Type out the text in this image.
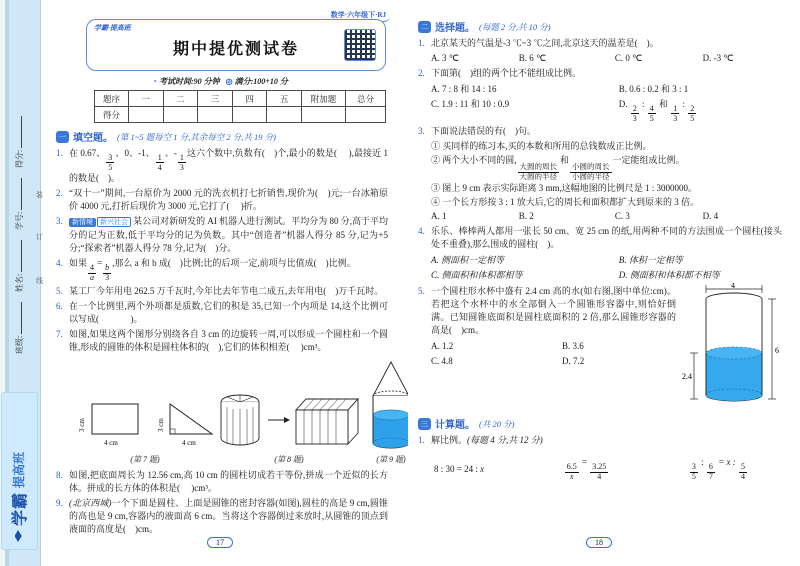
得分:
学号:
姓名:
班级:
学霸
提高班
装
订
线
数学·六年级下·RJ
学霸·提高班
期中提优测试卷
◔ 考试时间:90 分钟 ◎ 满分:100+10 分
题序	一	二	三	四	五	附加题	总分
得分							
一 填空题。 (第 1~5 题每空 1 分,其余每空 2 分,共 19 分)
1. 在 0.67、
$\frac{3}{5}$
、0、-1、
$\frac{1}{4}$
、-
$\frac{1}{3}$
这六个数中,负数有(    )个,最小的数是(     ),最接近 1 的数是(    )。
2. “双十一”期间,一台原价为 2000 元的洗衣机打七折销售,现价为(    )元;一台冰箱原价 4000 元,打折后现价为 3000 元,它打了(     )折。
3.	新情境 新兴社会 某公司对新研发的 AI 机器人进行测试。平均分为 80 分,高于平均分的记为正数,低于平均分的记为负数。其中“创造者”机器人得分 85 分,记为+5 分;“探索者”机器人得分 78 分,记为(    )分。
4. 如果
$\frac{4}{a}$
=
$\frac{b}{3}$
,那么 a 和 b 成(    )比例;比的后项一定,前项与比值成(    )比例。
5. 某工厂今年用电 262.5 万千瓦时,今年比去年节电二成五,去年用电(    )万千瓦时。
6. 在一个比例里,两个外项都是质数,它们的积是 35,已知一个内项是 14,这个比例可以写成(              )。
7. 如图,如果这两个图形分别绕各自 3 cm 的边旋转一周,可以形成一个圆柱和一个圆锥,形成的圆锥的体积是圆柱体积的(    ),它们的体积相差(     )cm³。
3 cm
4 cm
3 cm
4 cm
(第 7 题)	(第 8 题)	(第 9 题)
8. 如图,把底面周长为 12.56 cm,高 10 cm 的圆柱切成若干等份,拼成一个近似的长方体。拼成的长方体的体积是(     )cm³。
9. (北京西城)一个下面是圆柱、上面是圆锥的密封容器(如图),圆柱的高是 9 cm,圆锥的高也是 9 cm,容器内的液面高 6 cm。当将这个容器倒过来放时,从圆锥的顶点到液面的高度是(    )cm。
17
二 选择题。 (每题 2 分,共 10 分)
1. 北京某天的气温是-3 ℃~3 ℃之间,北京这天的温差是(    )。
A. 3 ℃	B. 6 ℃	C. 0 ℃	D. -3 ℃
2. 下面第(    )组的两个比不能组成比例。
A. 7 : 8 和 14 : 16	B. 0.6 : 0.2 和 3 : 1
C. 1.9 : 11 和 10 : 0.9	D.
$\frac{2}{3}$
:
$\frac{4}{5}$
和
$\frac{1}{3}$
:
$\frac{2}{5}$
3. 下面说法错误的有(    )句。
① 买同样的练习本,买的本数和所用的总钱数成正比例。
② 两个大小不同的圆,
$\frac{\text{大圆的周长}}{\text{大圆的半径}}$
和
$\frac{\text{小圆的周长}}{\text{小圆的半径}}$
一定能组成比例。
③ 图上 9 cm 表示实际距离 3 mm,这幅地图的比例尺是 1 : 3000000。
④ 一个长方形按 3 : 1 放大后,它的周长和面积都扩大到原来的 3 倍。
A. 1	B. 2	C. 3	D. 4
4. 乐乐、棒棒两人都用一张长 50 cm、宽 25 cm 的纸,用两种不同的方法围成一个圆柱(接头处不重叠),那么围成的圆柱(    )。
A. 侧面积一定相等	B. 体积一定相等
C. 侧面积和体积都相等	D. 侧面积和体积都不相等
4
6
2.4
5. 一个圆柱形水杯中盛有 2.4 cm 高的水(如右图,图中单位:cm)。若把这个水杯中的水全部倒入一个圆锥形容器中,则恰好倒满。已知圆锥底面积是圆柱底面积的 2 倍,那么圆锥形容器的高是(    )cm。
A. 1.2	B. 3.6
C. 4.8	D. 7.2
三 计算题。 (共 20 分)
1. 解比例。(每题 4 分,共 12 分)
8 : 30 = 24 : x	$\frac{6.5}{x}$
=
$\frac{3.25}{4}$	$\frac{3}{5}$
:
$\frac{6}{7}$
= x :
$\frac{5}{4}$
18
